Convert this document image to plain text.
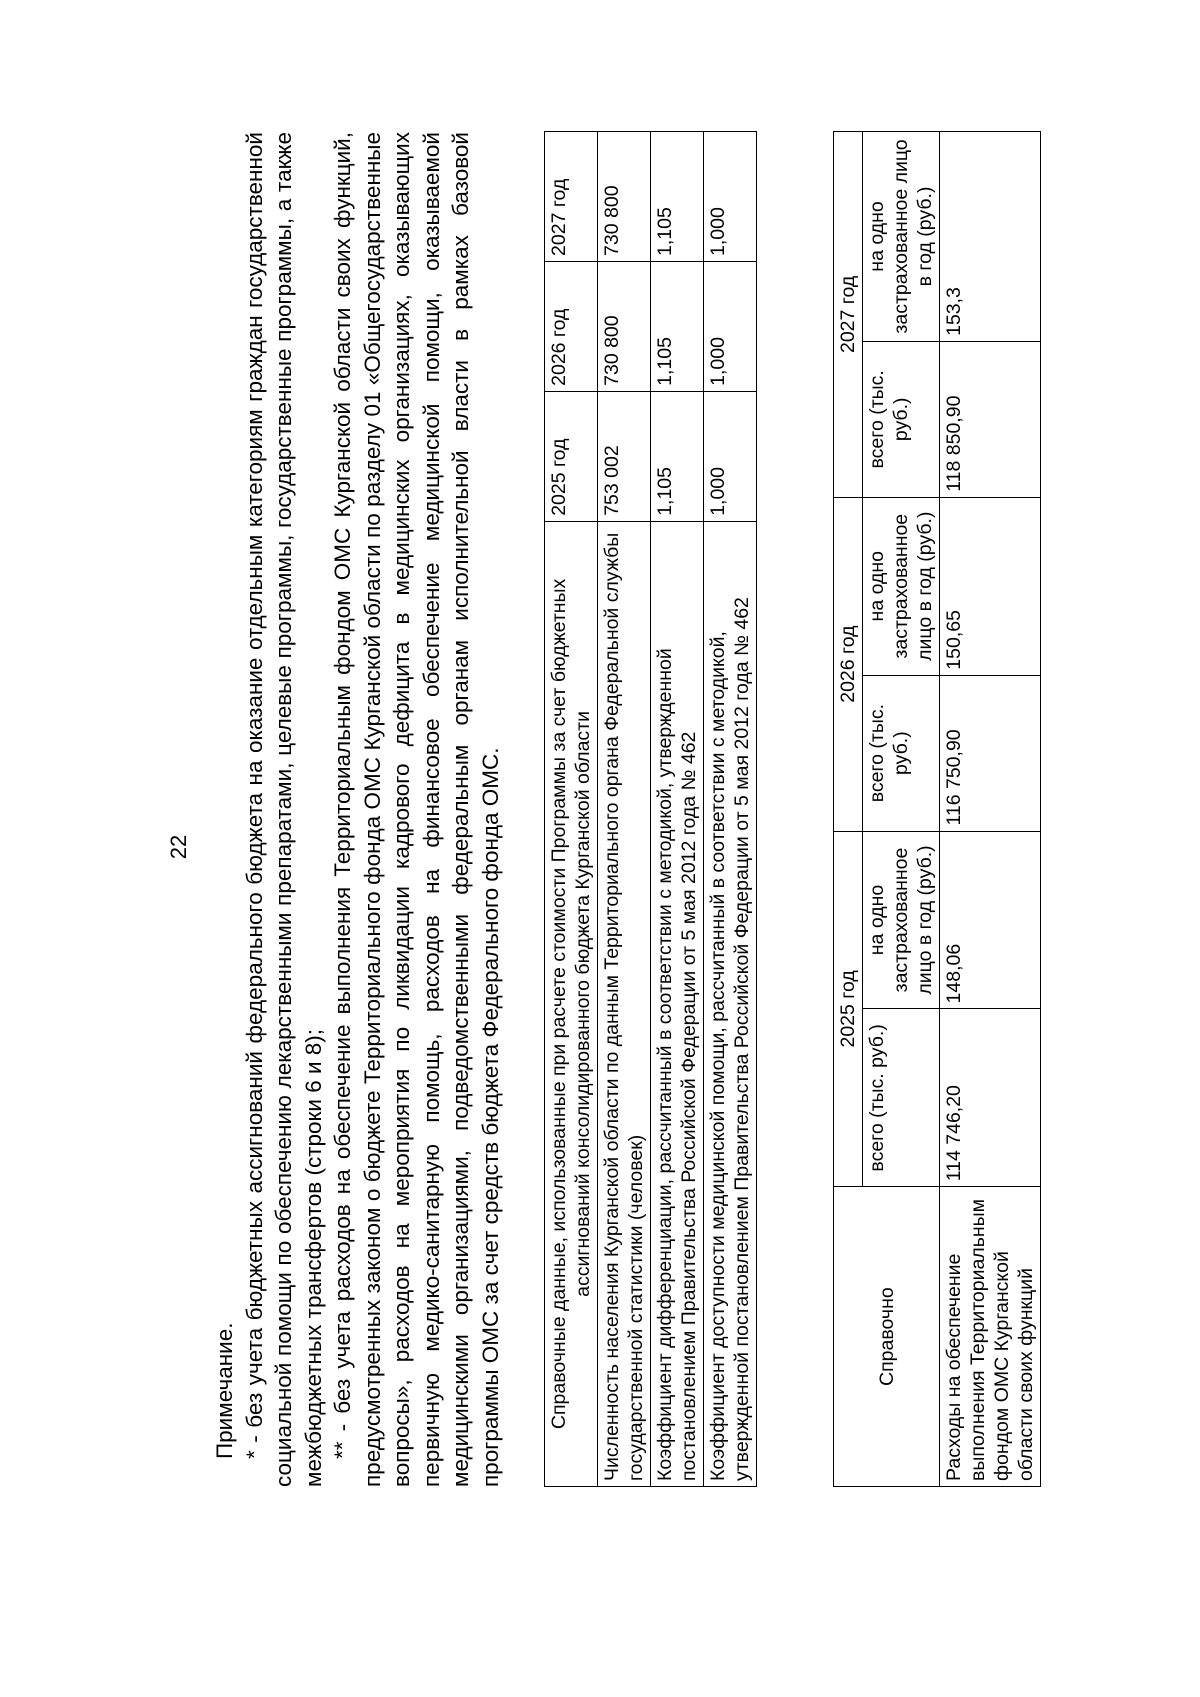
22

Примечание. * - без учета бюджетных ассигнований федерального бюджета на оказание отдельным категориям граждан государственной социальной помощи по обеспечению лекарственными препаратами, целевые программы, государственные программы, а также межбюджетных трансфертов (строки 6 и 8); ** - без учета расходов на обеспечение выполнения Территориальным фондом ОМС Курганской области своих функций, предусмотренных законом о бюджете Территориального фонда ОМС Курганской области по разделу 01 «Общегосударственные вопросы», расходов на мероприятия по ликвидации кадрового дефицита в медицинских организациях, оказывающих первичную медико-санитарную помощь, расходов на финансовое обеспечение медицинской помощи, оказываемой медицинскими организациями, подведомственными федеральным органам исполнительной власти в рамках базовой программы ОМС за счет средств бюджета Федерального фонда ОМС. Справочные данные, использованные при расчете стоимости Программы за счет бюджетных ассигнований консолидированного бюджета Курганской области	2025 год	2026 год	2027 год
Численность населения Курганской области по данным Территориального органа Федеральной службы государственной статистики (человек)	753 002	730 800	730 800
Коэффициент дифференциации, рассчитанный в соответствии с методикой, утвержденной постановлением Правительства Российской Федерации от 5 мая 2012 года № 462	1,105	1,105	1,105
Коэффициент доступности медицинской помощи, рассчитанный в соответствии с методикой, утвержденной постановлением Правительства Российской Федерации от 5 мая 2012 года № 462	1,000	1,000	1,000
Справочно	2025 год		2026 год		2027 год	
	всего (тыс. руб.)	на одно застрахованное лицо в год (руб.)	всего (тыс. руб.)	на одно застрахованное лицо в год (руб.)	всего (тыс. руб.)	на одно застрахованное лицо в год (руб.)
Расходы на обеспечение выполнения Территориальным фондом ОМС Курганской области своих функций	114 746,20	148,06	116 750,90	150,65	118 850,90	153,3
